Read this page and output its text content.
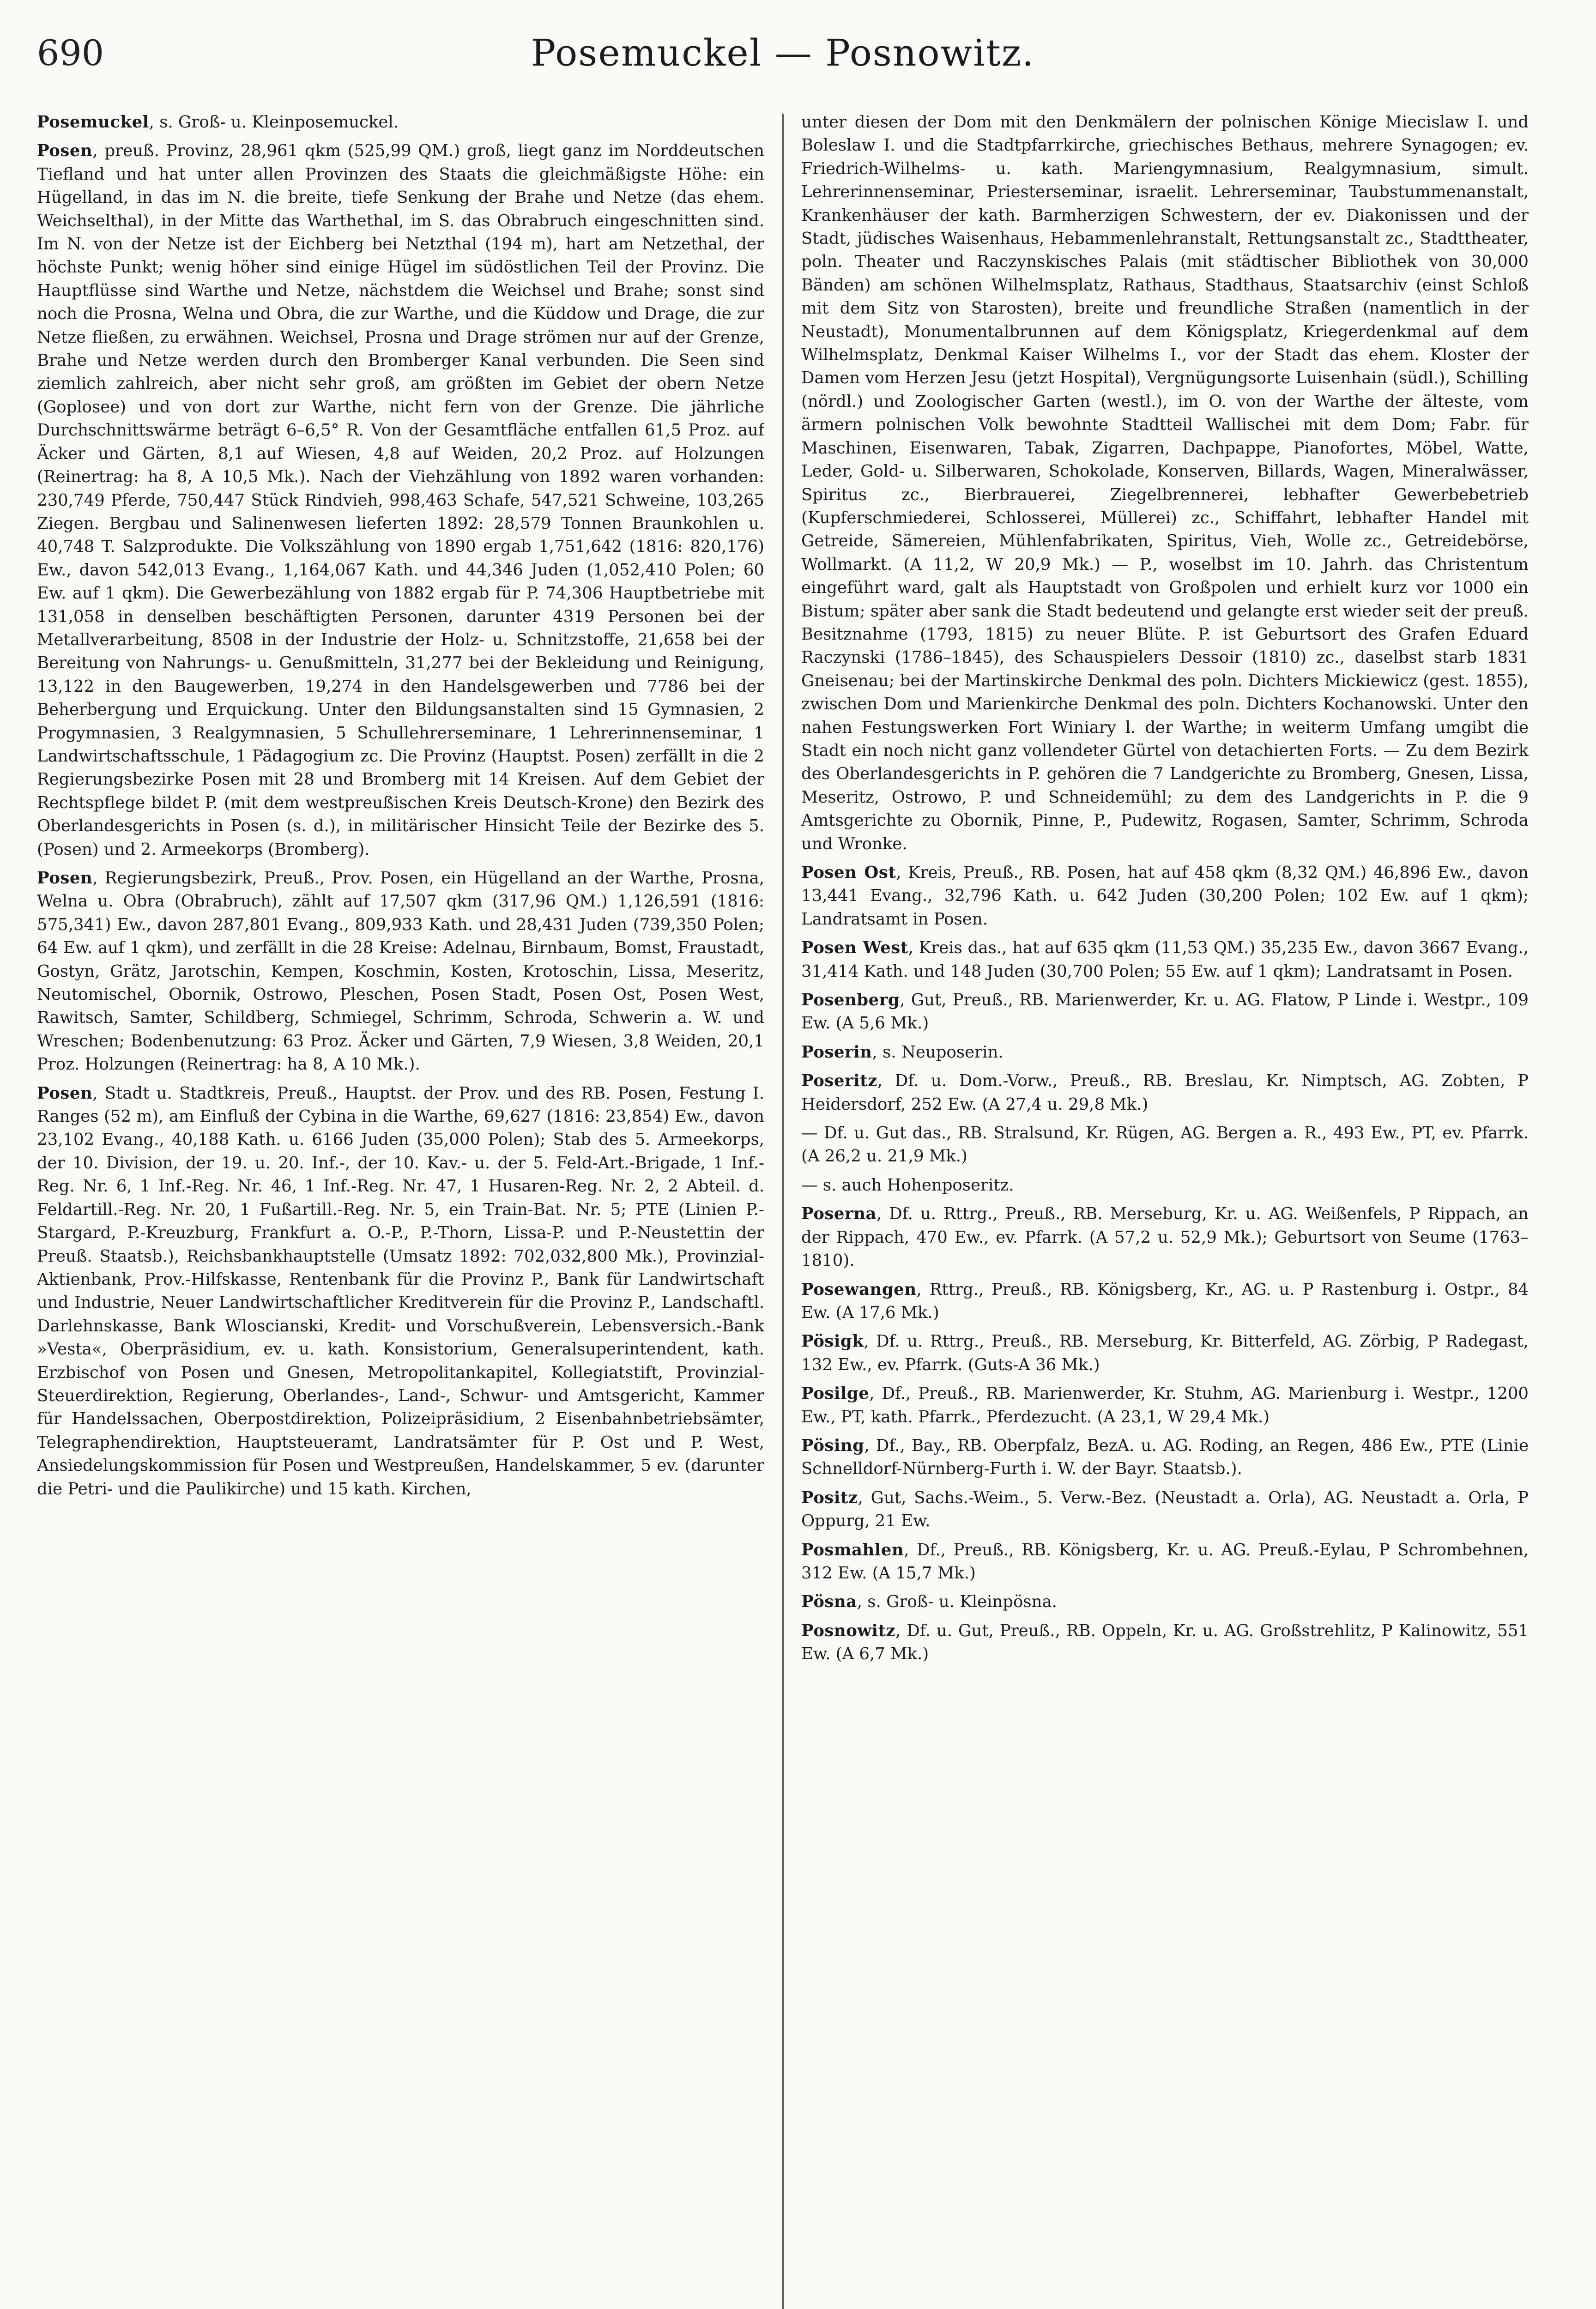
690	Posemuckel — Posnowitz.

Posemuckel, s. Groß- u. Kleinposemuckel.

Posen, preuß. Provinz, 28,961 qkm (525,99 QM.) groß, liegt ganz im Norddeutschen Tiefland und hat unter allen Provinzen des Staats die gleichmäßigste Höhe: ein Hügelland, in das im N. die breite, tiefe Senkung der Brahe und Netze (das ehem. Weichselthal), in der Mitte das Warthethal, im S. das Obrabruch eingeschnitten sind. Im N. von der Netze ist der Eichberg bei Netzthal (194 m), hart am Netzethal, der höchste Punkt; wenig höher sind einige Hügel im südöstlichen Teil der Provinz. Die Hauptflüsse sind Warthe und Netze, nächstdem die Weichsel und Brahe; sonst sind noch die Prosna, Welna und Obra, die zur Warthe, und die Küddow und Drage, die zur Netze fließen, zu erwähnen. Weichsel, Prosna und Drage strömen nur auf der Grenze, Brahe und Netze werden durch den Bromberger Kanal verbunden. Die Seen sind ziemlich zahlreich, aber nicht sehr groß, am größten im Gebiet der obern Netze (Goplosee) und von dort zur Warthe, nicht fern von der Grenze. Die jährliche Durchschnittswärme beträgt 6–6,5° R. Von der Gesamtfläche entfallen 61,5 Proz. auf Äcker und Gärten, 8,1 auf Wiesen, 4,8 auf Weiden, 20,2 Proz. auf Holzungen (Reinertrag: ha 8, A 10,5 Mk.). Nach der Viehzählung von 1892 waren vorhanden: 230,749 Pferde, 750,447 Stück Rindvieh, 998,463 Schafe, 547,521 Schweine, 103,265 Ziegen. Bergbau und Salinenwesen lieferten 1892: 28,579 Tonnen Braunkohlen u. 40,748 T. Salzprodukte. Die Volkszählung von 1890 ergab 1,751,642 (1816: 820,176) Ew., davon 542,013 Evang., 1,164,067 Kath. und 44,346 Juden (1,052,410 Polen; 60 Ew. auf 1 qkm). Die Gewerbezählung von 1882 ergab für P. 74,306 Hauptbetriebe mit 131,058 in denselben beschäftigten Personen, darunter 4319 Personen bei der Metallverarbeitung, 8508 in der Industrie der Holz- u. Schnitzstoffe, 21,658 bei der Bereitung von Nahrungs- u. Genußmitteln, 31,277 bei der Bekleidung und Reinigung, 13,122 in den Baugewerben, 19,274 in den Handelsgewerben und 7786 bei der Beherbergung und Erquickung. Unter den Bildungsanstalten sind 15 Gymnasien, 2 Progymnasien, 3 Realgymnasien, 5 Schullehrerseminare, 1 Lehrerinnenseminar, 1 Landwirtschaftsschule, 1 Pädagogium zc. Die Provinz (Hauptst. Posen) zerfällt in die 2 Regierungsbezirke Posen mit 28 und Bromberg mit 14 Kreisen. Auf dem Gebiet der Rechtspflege bildet P. (mit dem westpreußischen Kreis Deutsch-Krone) den Bezirk des Oberlandesgerichts in Posen (s. d.), in militärischer Hinsicht Teile der Bezirke des 5. (Posen) und 2. Armeekorps (Bromberg).

Posen, Regierungsbezirk, Preuß., Prov. Posen, ein Hügelland an der Warthe, Prosna, Welna u. Obra (Obrabruch), zählt auf 17,507 qkm (317,96 QM.) 1,126,591 (1816: 575,341) Ew., davon 287,801 Evang., 809,933 Kath. und 28,431 Juden (739,350 Polen; 64 Ew. auf 1 qkm), und zerfällt in die 28 Kreise: Adelnau, Birnbaum, Bomst, Fraustadt, Gostyn, Grätz, Jarotschin, Kempen, Koschmin, Kosten, Krotoschin, Lissa, Meseritz, Neutomischel, Obornik, Ostrowo, Pleschen, Posen Stadt, Posen Ost, Posen West, Rawitsch, Samter, Schildberg, Schmiegel, Schrimm, Schroda, Schwerin a. W. und Wreschen; Bodenbenutzung: 63 Proz. Äcker und Gärten, 7,9 Wiesen, 3,8 Weiden, 20,1 Proz. Holzungen (Reinertrag: ha 8, A 10 Mk.).

Posen, Stadt u. Stadtkreis, Preuß., Hauptst. der Prov. und des RB. Posen, Festung I. Ranges (52 m), am Einfluß der Cybina in die Warthe, 69,627 (1816: 23,854) Ew., davon 23,102 Evang., 40,188 Kath. u. 6166 Juden (35,000 Polen); Stab des 5. Armeekorps, der 10. Division, der 19. u. 20. Inf.-, der 10. Kav.- u. der 5. Feld-Art.-Brigade, 1 Inf.-Reg. Nr. 6, 1 Inf.-Reg. Nr. 46, 1 Inf.-Reg. Nr. 47, 1 Husaren-Reg. Nr. 2, 2 Abteil. d. Feldartill.-Reg. Nr. 20, 1 Fußartill.-Reg. Nr. 5, ein Train-Bat. Nr. 5; PTE (Linien P.-Stargard, P.-Kreuzburg, Frankfurt a. O.-P., P.-Thorn, Lissa-P. und P.-Neustettin der Preuß. Staatsb.), Reichsbankhauptstelle (Umsatz 1892: 702,032,800 Mk.), Provinzial-Aktienbank, Prov.-Hilfskasse, Rentenbank für die Provinz P., Bank für Landwirtschaft und Industrie, Neuer Landwirtschaftlicher Kreditverein für die Provinz P., Landschaftl. Darlehnskasse, Bank Wloscianski, Kredit- und Vorschußverein, Lebensversich.-Bank »Vesta«, Oberpräsidium, ev. u. kath. Konsistorium, Generalsuperintendent, kath. Erzbischof von Posen und Gnesen, Metropolitankapitel, Kollegiatstift, Provinzial-Steuerdirektion, Regierung, Oberlandes-, Land-, Schwur- und Amtsgericht, Kammer für Handelssachen, Oberpostdirektion, Polizeipräsidium, 2 Eisenbahnbetriebsämter, Telegraphendirektion, Hauptsteueramt, Landratsämter für P. Ost und P. West, Ansiedelungskommission für Posen und Westpreußen, Handelskammer, 5 ev. (darunter die Petri- und die Paulikirche) und 15 kath. Kirchen,

unter diesen der Dom mit den Denkmälern der polnischen Könige Miecislaw I. und Boleslaw I. und die Stadtpfarrkirche, griechisches Bethaus, mehrere Synagogen; ev. Friedrich-Wilhelms- u. kath. Mariengymnasium, Realgymnasium, simult. Lehrerinnenseminar, Priesterseminar, israelit. Lehrerseminar, Taubstummenanstalt, Krankenhäuser der kath. Barmherzigen Schwestern, der ev. Diakonissen und der Stadt, jüdisches Waisenhaus, Hebammenlehranstalt, Rettungsanstalt zc., Stadttheater, poln. Theater und Raczynskisches Palais (mit städtischer Bibliothek von 30,000 Bänden) am schönen Wilhelmsplatz, Rathaus, Stadthaus, Staatsarchiv (einst Schloß mit dem Sitz von Starosten), breite und freundliche Straßen (namentlich in der Neustadt), Monumentalbrunnen auf dem Königsplatz, Kriegerdenkmal auf dem Wilhelmsplatz, Denkmal Kaiser Wilhelms I., vor der Stadt das ehem. Kloster der Damen vom Herzen Jesu (jetzt Hospital), Vergnügungsorte Luisenhain (südl.), Schilling (nördl.) und Zoologischer Garten (westl.), im O. von der Warthe der älteste, vom ärmern polnischen Volk bewohnte Stadtteil Wallischei mit dem Dom; Fabr. für Maschinen, Eisenwaren, Tabak, Zigarren, Dachpappe, Pianofortes, Möbel, Watte, Leder, Gold- u. Silberwaren, Schokolade, Konserven, Billards, Wagen, Mineralwässer, Spiritus zc., Bierbrauerei, Ziegelbrennerei, lebhafter Gewerbebetrieb (Kupferschmiederei, Schlosserei, Müllerei) zc., Schiffahrt, lebhafter Handel mit Getreide, Sämereien, Mühlenfabrikaten, Spiritus, Vieh, Wolle zc., Getreidebörse, Wollmarkt. (A 11,2, W 20,9 Mk.) — P., woselbst im 10. Jahrh. das Christentum eingeführt ward, galt als Hauptstadt von Großpolen und erhielt kurz vor 1000 ein Bistum; später aber sank die Stadt bedeutend und gelangte erst wieder seit der preuß. Besitznahme (1793, 1815) zu neuer Blüte. P. ist Geburtsort des Grafen Eduard Raczynski (1786–1845), des Schauspielers Dessoir (1810) zc., daselbst starb 1831 Gneisenau; bei der Martinskirche Denkmal des poln. Dichters Mickiewicz (gest. 1855), zwischen Dom und Marienkirche Denkmal des poln. Dichters Kochanowski. Unter den nahen Festungswerken Fort Winiary l. der Warthe; in weiterm Umfang umgibt die Stadt ein noch nicht ganz vollendeter Gürtel von detachierten Forts. — Zu dem Bezirk des Oberlandesgerichts in P. gehören die 7 Landgerichte zu Bromberg, Gnesen, Lissa, Meseritz, Ostrowo, P. und Schneidemühl; zu dem des Landgerichts in P. die 9 Amtsgerichte zu Obornik, Pinne, P., Pudewitz, Rogasen, Samter, Schrimm, Schroda und Wronke.

Posen Ost, Kreis, Preuß., RB. Posen, hat auf 458 qkm (8,32 QM.) 46,896 Ew., davon 13,441 Evang., 32,796 Kath. u. 642 Juden (30,200 Polen; 102 Ew. auf 1 qkm); Landratsamt in Posen.

Posen West, Kreis das., hat auf 635 qkm (11,53 QM.) 35,235 Ew., davon 3667 Evang., 31,414 Kath. und 148 Juden (30,700 Polen; 55 Ew. auf 1 qkm); Landratsamt in Posen.

Posenberg, Gut, Preuß., RB. Marienwerder, Kr. u. AG. Flatow, P Linde i. Westpr., 109 Ew. (A 5,6 Mk.)

Poserin, s. Neuposerin.

Poseritz, Df. u. Dom.-Vorw., Preuß., RB. Breslau, Kr. Nimptsch, AG. Zobten, P Heidersdorf, 252 Ew. (A 27,4 u. 29,8 Mk.)

— Df. u. Gut das., RB. Stralsund, Kr. Rügen, AG. Bergen a. R., 493 Ew., PT, ev. Pfarrk. (A 26,2 u. 21,9 Mk.)

— s. auch Hohenposeritz.

Poserna, Df. u. Rttrg., Preuß., RB. Merseburg, Kr. u. AG. Weißenfels, P Rippach, an der Rippach, 470 Ew., ev. Pfarrk. (A 57,2 u. 52,9 Mk.); Geburtsort von Seume (1763–1810).

Posewangen, Rttrg., Preuß., RB. Königsberg, Kr., AG. u. P Rastenburg i. Ostpr., 84 Ew. (A 17,6 Mk.)

Pösigk, Df. u. Rttrg., Preuß., RB. Merseburg, Kr. Bitterfeld, AG. Zörbig, P Radegast, 132 Ew., ev. Pfarrk. (Guts-A 36 Mk.)

Posilge, Df., Preuß., RB. Marienwerder, Kr. Stuhm, AG. Marienburg i. Westpr., 1200 Ew., PT, kath. Pfarrk., Pferdezucht. (A 23,1, W 29,4 Mk.)

Pösing, Df., Bay., RB. Oberpfalz, BezA. u. AG. Roding, an Regen, 486 Ew., PTE (Linie Schnelldorf-Nürnberg-Furth i. W. der Bayr. Staatsb.).

Positz, Gut, Sachs.-Weim., 5. Verw.-Bez. (Neustadt a. Orla), AG. Neustadt a. Orla, P Oppurg, 21 Ew.

Posmahlen, Df., Preuß., RB. Königsberg, Kr. u. AG. Preuß.-Eylau, P Schrombehnen, 312 Ew. (A 15,7 Mk.)

Pösna, s. Groß- u. Kleinpösna.

Posnowitz, Df. u. Gut, Preuß., RB. Oppeln, Kr. u. AG. Großstrehlitz, P Kalinowitz, 551 Ew. (A 6,7 Mk.)
